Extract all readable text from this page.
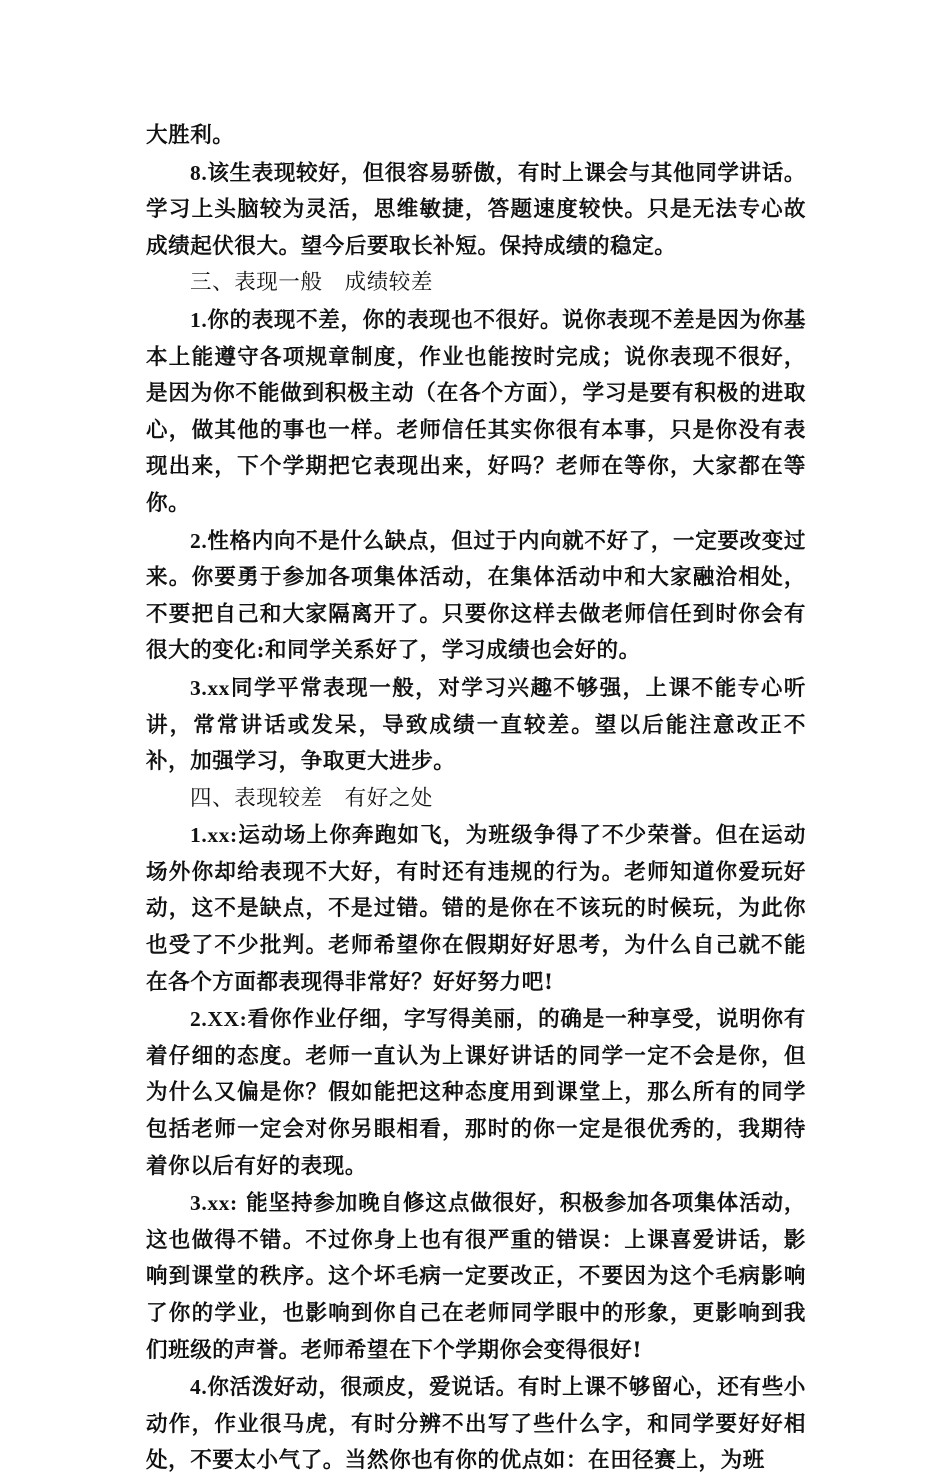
大胜利。

8.该生表现较好，但很容易骄傲，有时上课会与其他同学讲话。学习上头脑较为灵活，思维敏捷，答题速度较快。只是无法专心故成绩起伏很大。望今后要取长补短。保持成绩的稳定。

三、表现一般 成绩较差

1.你的表现不差，你的表现也不很好。说你表现不差是因为你基本上能遵守各项规章制度，作业也能按时完成；说你表现不很好，是因为你不能做到积极主动（在各个方面），学习是要有积极的进取心，做其他的事也一样。老师信任其实你很有本事，只是你没有表现出来，下个学期把它表现出来，好吗？老师在等你，大家都在等你。

2.性格内向不是什么缺点，但过于内向就不好了，一定要改变过来。你要勇于参加各项集体活动，在集体活动中和大家融洽相处，不要把自己和大家隔离开了。只要你这样去做老师信任到时你会有很大的变化:和同学关系好了，学习成绩也会好的。

3.xx同学平常表现一般，对学习兴趣不够强，上课不能专心听讲，常常讲话或发呆，导致成绩一直较差。望以后能注意改正不补，加强学习，争取更大进步。

四、表现较差 有好之处

1.xx:运动场上你奔跑如飞，为班级争得了不少荣誉。但在运动场外你却给表现不大好，有时还有违规的行为。老师知道你爱玩好动，这不是缺点，不是过错。错的是你在不该玩的时候玩，为此你也受了不少批判。老师希望你在假期好好思考，为什么自己就不能在各个方面都表现得非常好？好好努力吧!

2.XX:看你作业仔细，字写得美丽，的确是一种享受，说明你有着仔细的态度。老师一直认为上课好讲话的同学一定不会是你，但为什么又偏是你？假如能把这种态度用到课堂上，那么所有的同学包括老师一定会对你另眼相看，那时的你一定是很优秀的，我期待着你以后有好的表现。

3.xx: 能坚持参加晚自修这点做很好，积极参加各项集体活动，这也做得不错。不过你身上也有很严重的错误：上课喜爱讲话，影响到课堂的秩序。这个坏毛病一定要改正，不要因为这个毛病影响了你的学业，也影响到你自己在老师同学眼中的形象，更影响到我们班级的声誉。老师希望在下个学期你会变得很好!

4.你活泼好动，很顽皮，爱说话。有时上课不够留心，还有些小动作，作业很马虎，有时分辨不出写了些什么字，和同学要好好相处，不要太小气了。当然你也有你的优点如：在田径赛上，为班
